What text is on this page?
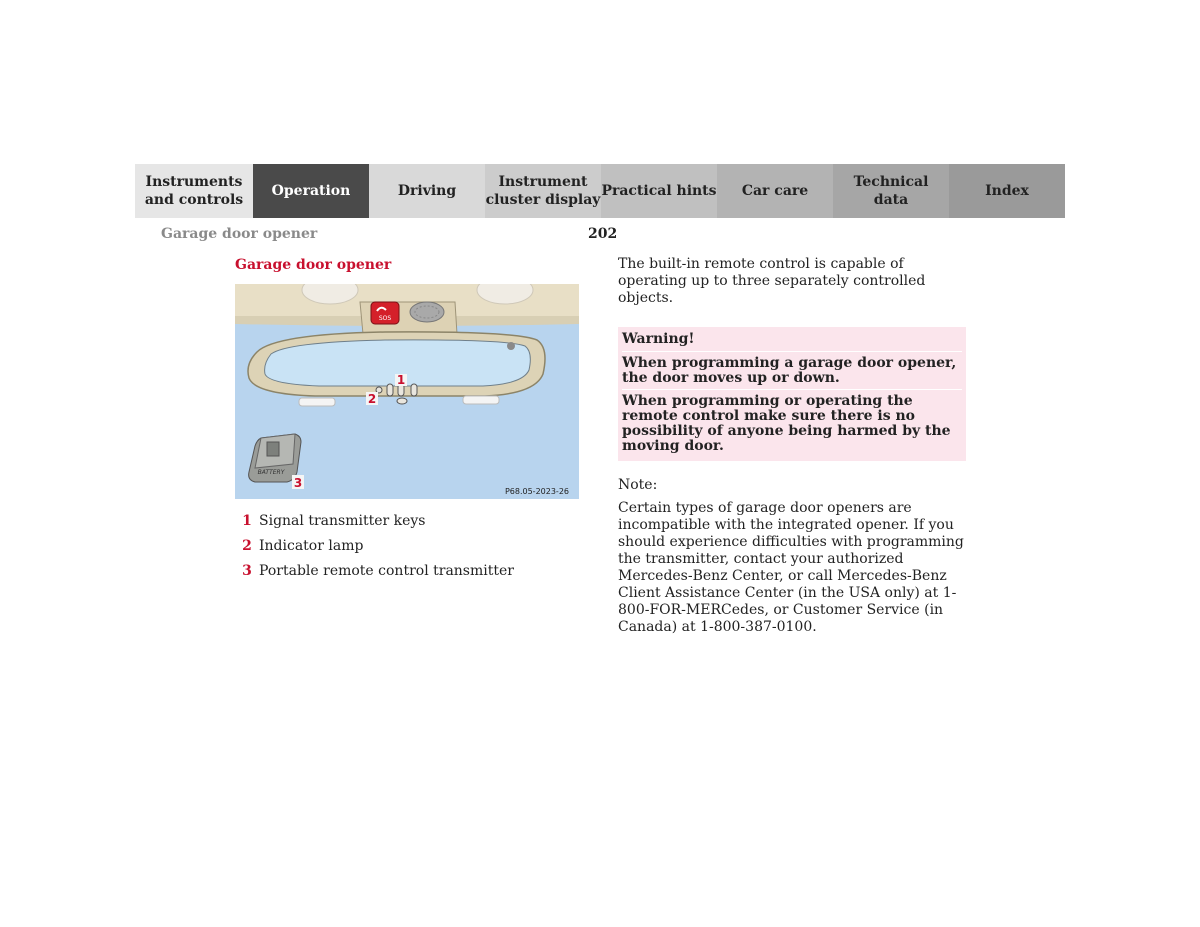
Instruments
and controls
Operation	Driving
Instrument
cluster display
Practical hints Car care
Technical
data
Index
Garage door opener	202
Garage door opener
SOS
1
2
BATTERY
3
P68.05-2023-26
1 Signal transmitter keys
2 Indicator lamp
3 Portable remote control transmitter

The built-in remote control is capable of operating up to three separately controlled objects.

Warning!
When programming a garage door opener, the door moves up or down.
When programming or operating the remote control make sure there is no possibility of anyone being harmed by the moving door.

Note:

Certain types of garage door openers are incompatible with the integrated opener. If you should experience difficulties with programming the transmitter, contact your authorized Mercedes-Benz Center, or call Mercedes-Benz Client Assistance Center (in the USA only) at 1-800-FOR-MERCedes, or Customer Service (in Canada) at 1-800-387-0100.
